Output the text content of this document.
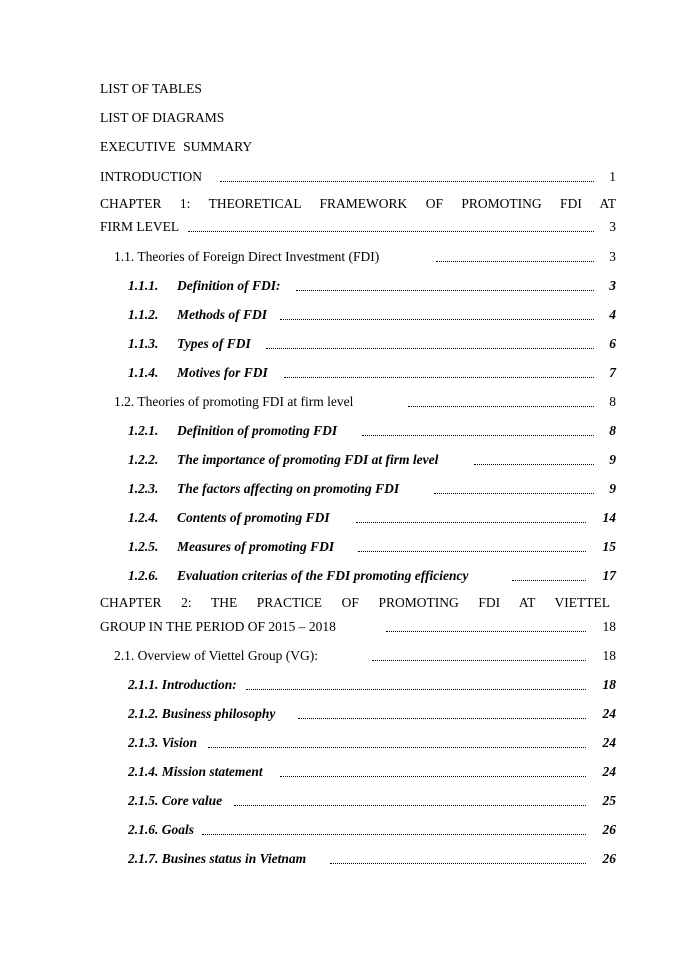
LIST OF TABLES
LIST OF DIAGRAMS
EXECUTIVE SUMMARY
INTRODUCTION	1
CHAPTER 1: THEORETICAL FRAMEWORK OF PROMOTING FDI AT
FIRM LEVEL	3
1.1. Theories of Foreign Direct Investment (FDI)	3
1.1.1. Definition of FDI:	3
1.1.2. Methods of FDI	4
1.1.3. Types of FDI	6
1.1.4. Motives for FDI	7
1.2. Theories of promoting FDI at firm level	8
1.2.1. Definition of promoting FDI	8
1.2.2. The importance of promoting FDI at firm level	9
1.2.3. The factors affecting on promoting FDI	9
1.2.4. Contents of promoting FDI	14
1.2.5. Measures of promoting FDI	15
1.2.6. Evaluation criterias of the FDI promoting efficiency	17
CHAPTER 2: THE PRACTICE OF PROMOTING FDI AT VIETTEL
GROUP IN THE PERIOD OF 2015 – 2018	18
2.1. Overview of Viettel Group (VG):	18
2.1.1. Introduction:	18
2.1.2. Business philosophy	24
2.1.3. Vision	24
2.1.4. Mission statement	24
2.1.5. Core value	25
2.1.6. Goals	26
2.1.7. Busines status in Vietnam	26
